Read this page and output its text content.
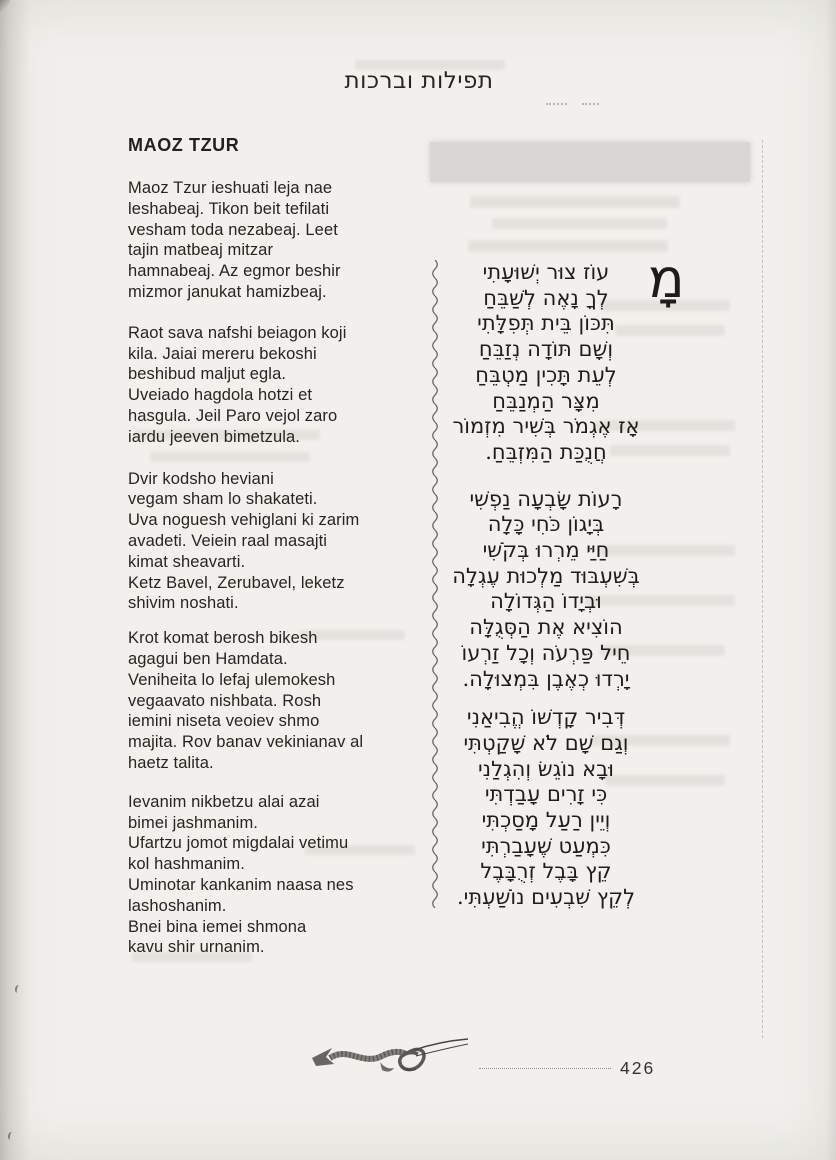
תפילות וברכות
MAOZ TZUR
Maoz Tzur ieshuati leja nae
leshabeaj. Tikon beit tefilati
vesham toda nezabeaj. Leet
tajin matbeaj mitzar
hamnabeaj. Az egmor beshir
mizmor janukat hamizbeaj.
Raot sava nafshi beiagon koji
kila. Jaiai mereru bekoshi
beshibud maljut egla.
Uveiado hagdola hotzi et
hasgula. Jeil Paro vejol zaro
iardu jeeven bimetzula.
Dvir kodsho heviani
vegam sham lo shakateti.
Uva noguesh vehiglani ki zarim
avadeti. Veiein raal masajti
kimat sheavarti.
Ketz Bavel, Zerubavel, leketz
shivim noshati.
Krot komat berosh bikesh
agagui ben Hamdata.
Veniheita lo lefaj ulemokesh
vegaavato nishbata. Rosh
iemini niseta veoiev shmo
majita. Rov banav vekinianav al
haetz talita.
Ievanim nikbetzu alai azai
bimei jashmanim.
Ufartzu jomot migdalai vetimu
kol hashmanim.
Uminotar kankanim naasa nes
lashoshanim.
Bnei bina iemei shmona
kavu shir urnanim.
מָ
עוֹז צוּר יְשׁוּעָתִי
לְךָ נָאֶה לְשַׁבֵּחַ
תִּכּוֹן בֵּית תְּפִלָּתִי
וְשָׁם תּוֹדָה נְזַבֵּחַ
לְעֵת תָּכִין מַטְבֵּחַ
מִצָּר הַמְנַבֵּחַ
אָז אֶגְמֹר בְּשִׁיר מִזְמוֹר
חֲנֻכַּת הַמִּזְבֵּחַ.
רָעוֹת שָׂבְעָה נַפְשִׁי
בְּיָגוֹן כֹּחִי כָּלָה
חַיַּי מֵרְרוּ בְּקֹשִׁי
בְּשִׁעְבּוּד מַלְכוּת עֶגְלָה
וּבְיָדוֹ הַגְּדוֹלָה
הוֹצִיא אֶת הַסְּגֻלָּה
חֵיל פַּרְעֹה וְכָל זַרְעוֹ
יָרְדוּ כְאֶבֶן בִּמְצוּלָה.
דְּבִיר קָדְשׁוֹ הֱבִיאַנִי
וְגַם שָׁם לֹא שָׁקַטְתִּי
וּבָא נוֹגֵשׂ וְהִגְלַנִי
כִּי זָרִים עָבַדְתִּי
וְיֵין רַעַל מָסַכְתִּי
כִּמְעַט שֶׁעָבַרְתִּי
קֵץ בָּבֶל זְרֻבָּבֶל
לְקֵץ שִׁבְעִים נוֹשַׁעְתִּי.
426
